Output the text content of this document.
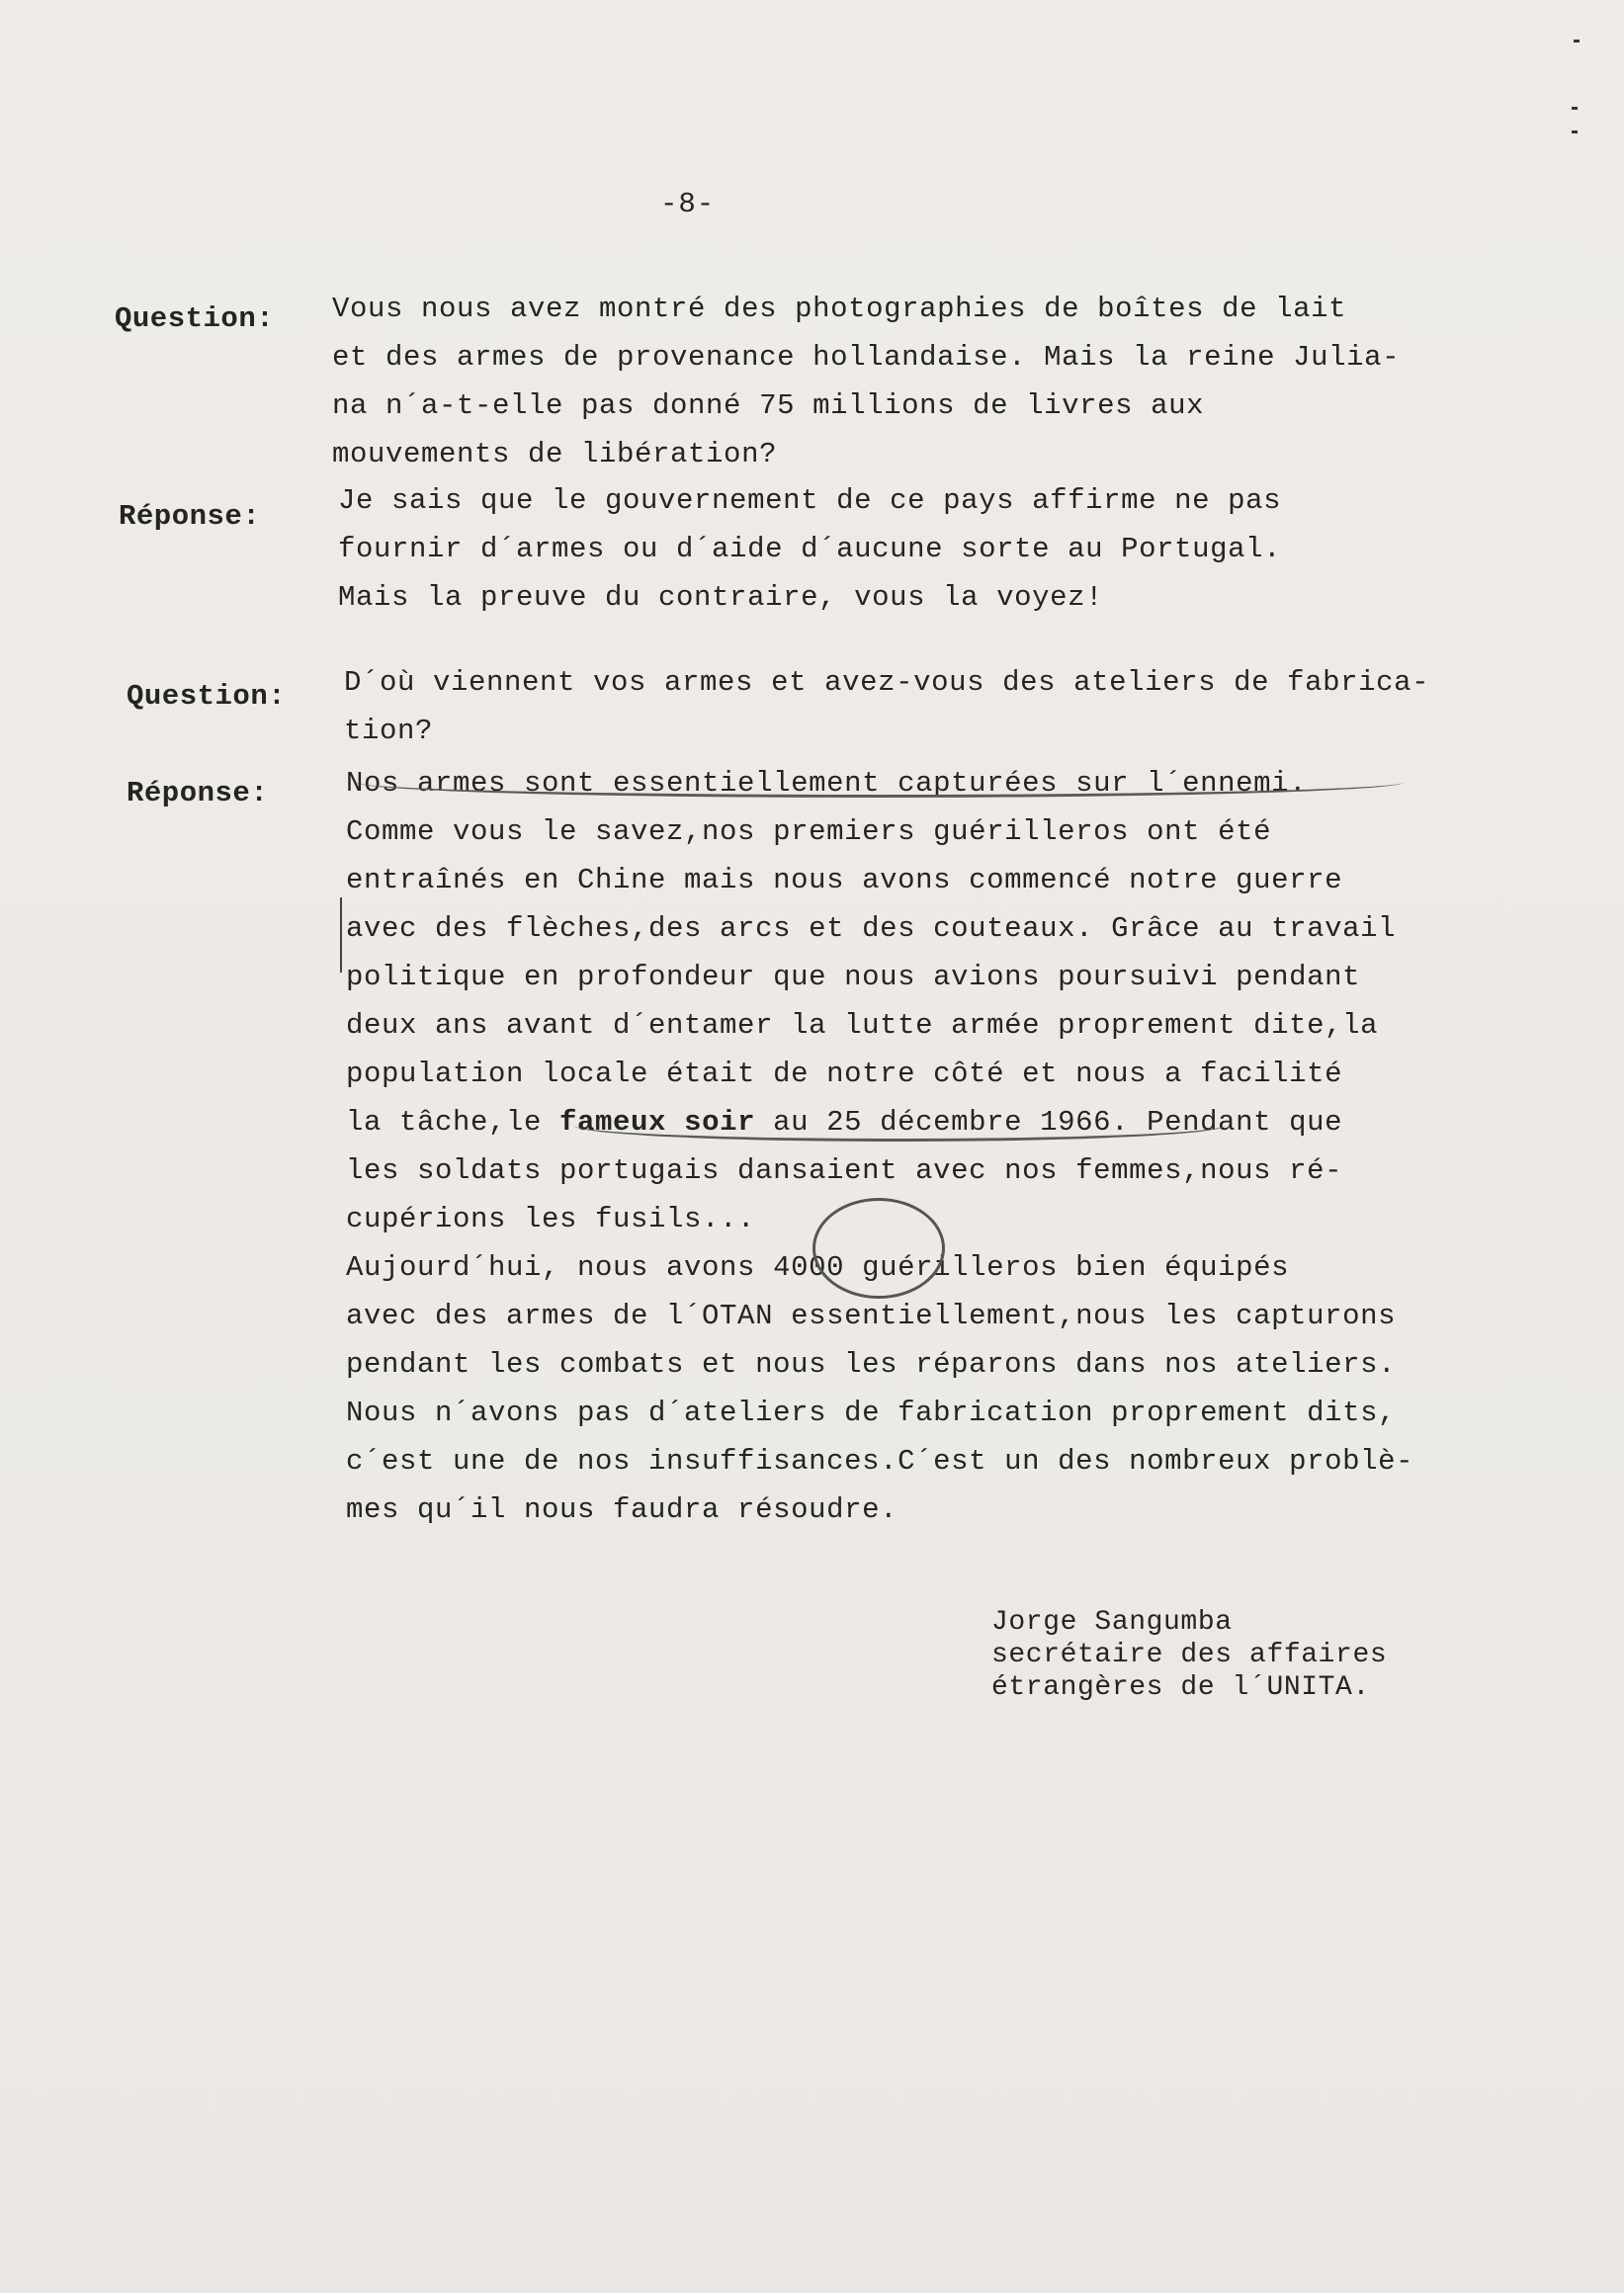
-8-
Question: Vous nous avez montré des photographies de boîtes de lait
et des armes de provenance hollandaise. Mais la reine Julia-
na n´a-t-elle pas donné 75 millions de livres aux
mouvements de libération?
Réponse:	Je sais que le gouvernement de ce pays affirme ne pas
fournir d´armes ou d´aide d´aucune sorte au Portugal.
Mais la preuve du contraire, vous la voyez!
Question: D´où viennent vos armes et avez-vous des ateliers de fabrica-
tion?
Réponse:	Nos armes sont essentiellement capturées sur l´ennemi.
Comme vous le savez,nos premiers guérilleros ont été
entraînés en Chine mais nous avons commencé notre guerre
avec des flèches,des arcs et des couteaux. Grâce au travail
politique en profondeur que nous avions poursuivi pendant
deux ans avant d´entamer la lutte armée proprement dite,la
population locale était de notre côté et nous a facilité
la tâche,le fameux soir au 25 décembre 1966. Pendant que
les soldats portugais dansaient avec nos femmes,nous ré-
cupérions les fusils...
Aujourd´hui, nous avons 4000 guérilleros bien équipés
avec des armes de l´OTAN essentiellement,nous les capturons
pendant les combats et nous les réparons dans nos ateliers.
Nous n´avons pas d´ateliers de fabrication proprement dits,
c´est une de nos insuffisances.C´est un des nombreux problè-
mes qu´il nous faudra résoudre.
Jorge Sangumba
secrétaire des affaires
étrangères de l´UNITA.
